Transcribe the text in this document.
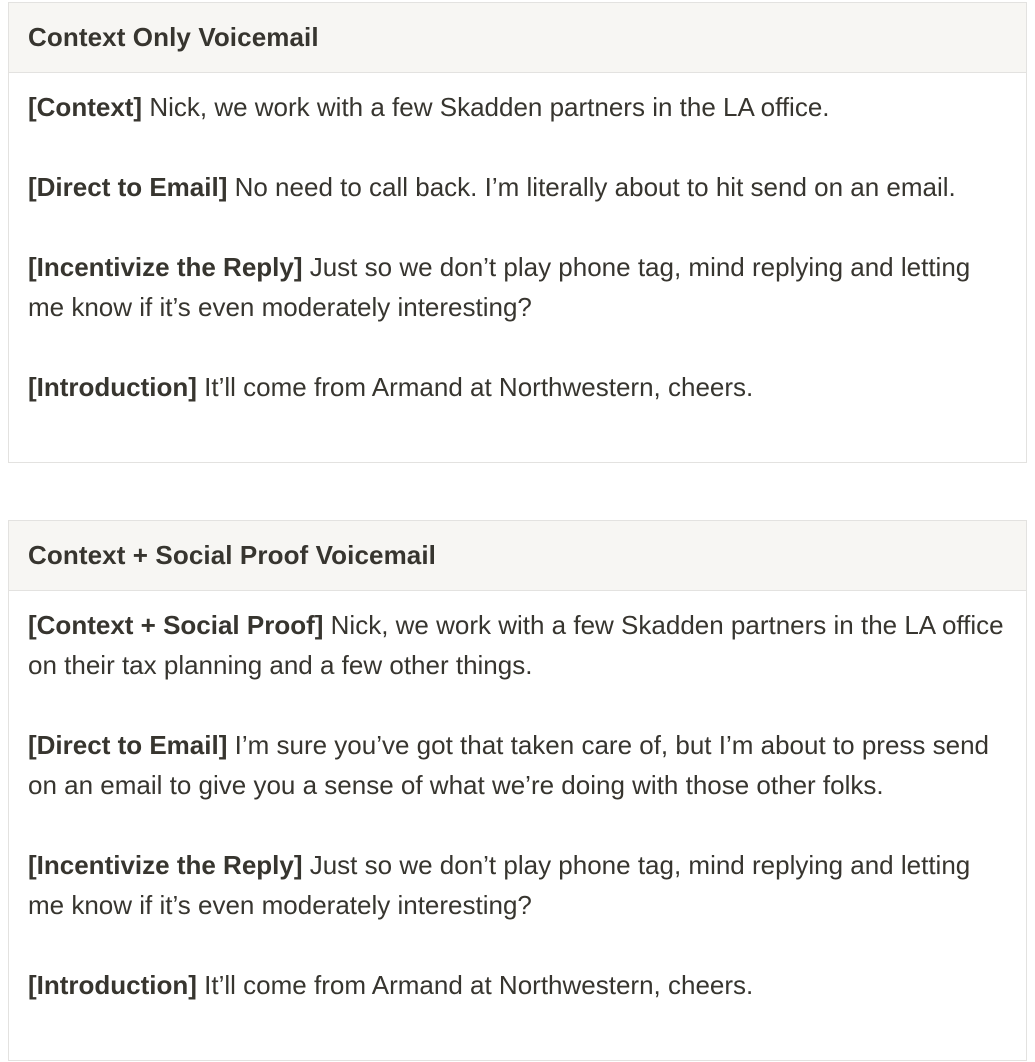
Context Only Voicemail

[Context] Nick, we work with a few Skadden partners in the LA office.

[Direct to Email] No need to call back. I’m literally about to hit send on an email.

[Incentivize the Reply] Just so we don’t play phone tag, mind replying and letting me know if it’s even moderately interesting?

[Introduction] It’ll come from Armand at Northwestern, cheers.

Context + Social Proof Voicemail

[Context + Social Proof] Nick, we work with a few Skadden partners in the LA office on their tax planning and a few other things.

[Direct to Email] I’m sure you’ve got that taken care of, but I’m about to press send on an email to give you a sense of what we’re doing with those other folks.

[Incentivize the Reply] Just so we don’t play phone tag, mind replying and letting me know if it’s even moderately interesting?

[Introduction] It’ll come from Armand at Northwestern, cheers.
